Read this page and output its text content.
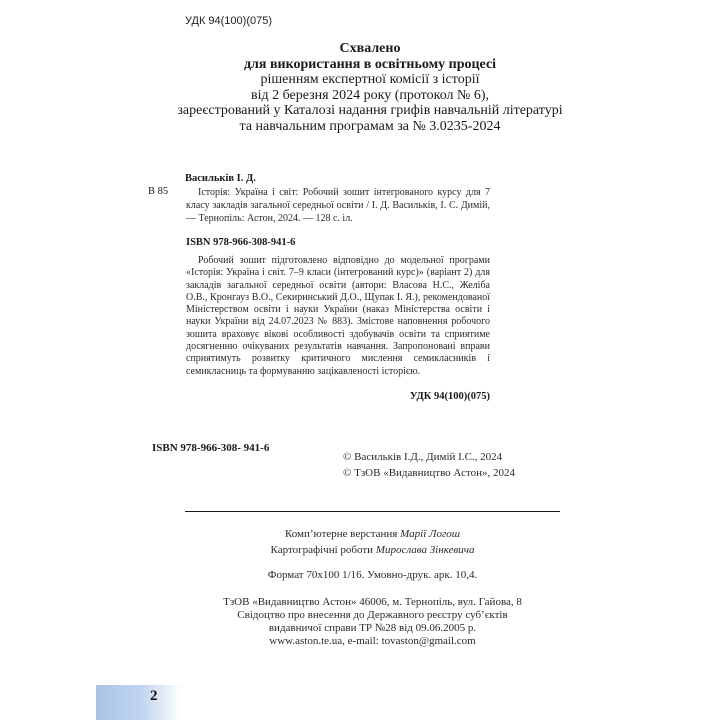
УДК 94(100)(075)
Схвалено
для використання в освітньому процесі
рішенням експертної комісії з історії
від 2 березня 2024 року (протокол № 6),
зареєстрований у Каталозі надання грифів навчальній літературі
та навчальним програмам за № 3.0235-2024
Васильків І. Д.
В 85	Історія: Україна і світ: Робочий зошит інтегрованого курсу для 7 класу закладів загальної середньої освіти / І. Д. Васильків, І. С. Димій, — Тернопіль: Астон, 2024. — 128 с. іл.
ISBN 978-966-308-941-6
Робочий зошит підготовлено відповідно до модельної програми «Історія: Україна і світ. 7–9 класи (інтегрований курс)» (варіант 2) для закладів загальної середньої освіти (автори: Власова Н.С., Желіба О.В., Кронгауз В.О., Секиринський Д.О., Щупак І. Я.), рекомендованої Міністерством освіти і науки України (наказ Міністерства освіти і науки України від 24.07.2023 № 883). Змістове наповнення робочого зошита враховує вікові особливості здобувачів освіти та сприятиме досягненню очікуваних результатів навчання. Запропоновані вправи сприятимуть розвитку критичного мислення семикласників і семикласниць та формуванню зацікавленості історією.
УДК 94(100)(075)
ISBN 978-966-308- 941-6
© Васильків І.Д., Димій І.С., 2024
© ТзОВ «Видавництво Астон», 2024
Комп’ютерне верстання Марії Логош
Картографічні роботи Мирослава Зінкевича
Формат 70x100 1/16. Умовно-друк. арк. 10,4.
ТзОВ «Видавництво Астон» 46006, м. Тернопіль, вул. Гайова, 8
Свідоцтво про внесення до Державного реєстру суб’єктів
видавничої справи ТР №28 від 09.06.2005 р.
www.aston.te.ua, e-mail: tovaston@gmail.com
2
